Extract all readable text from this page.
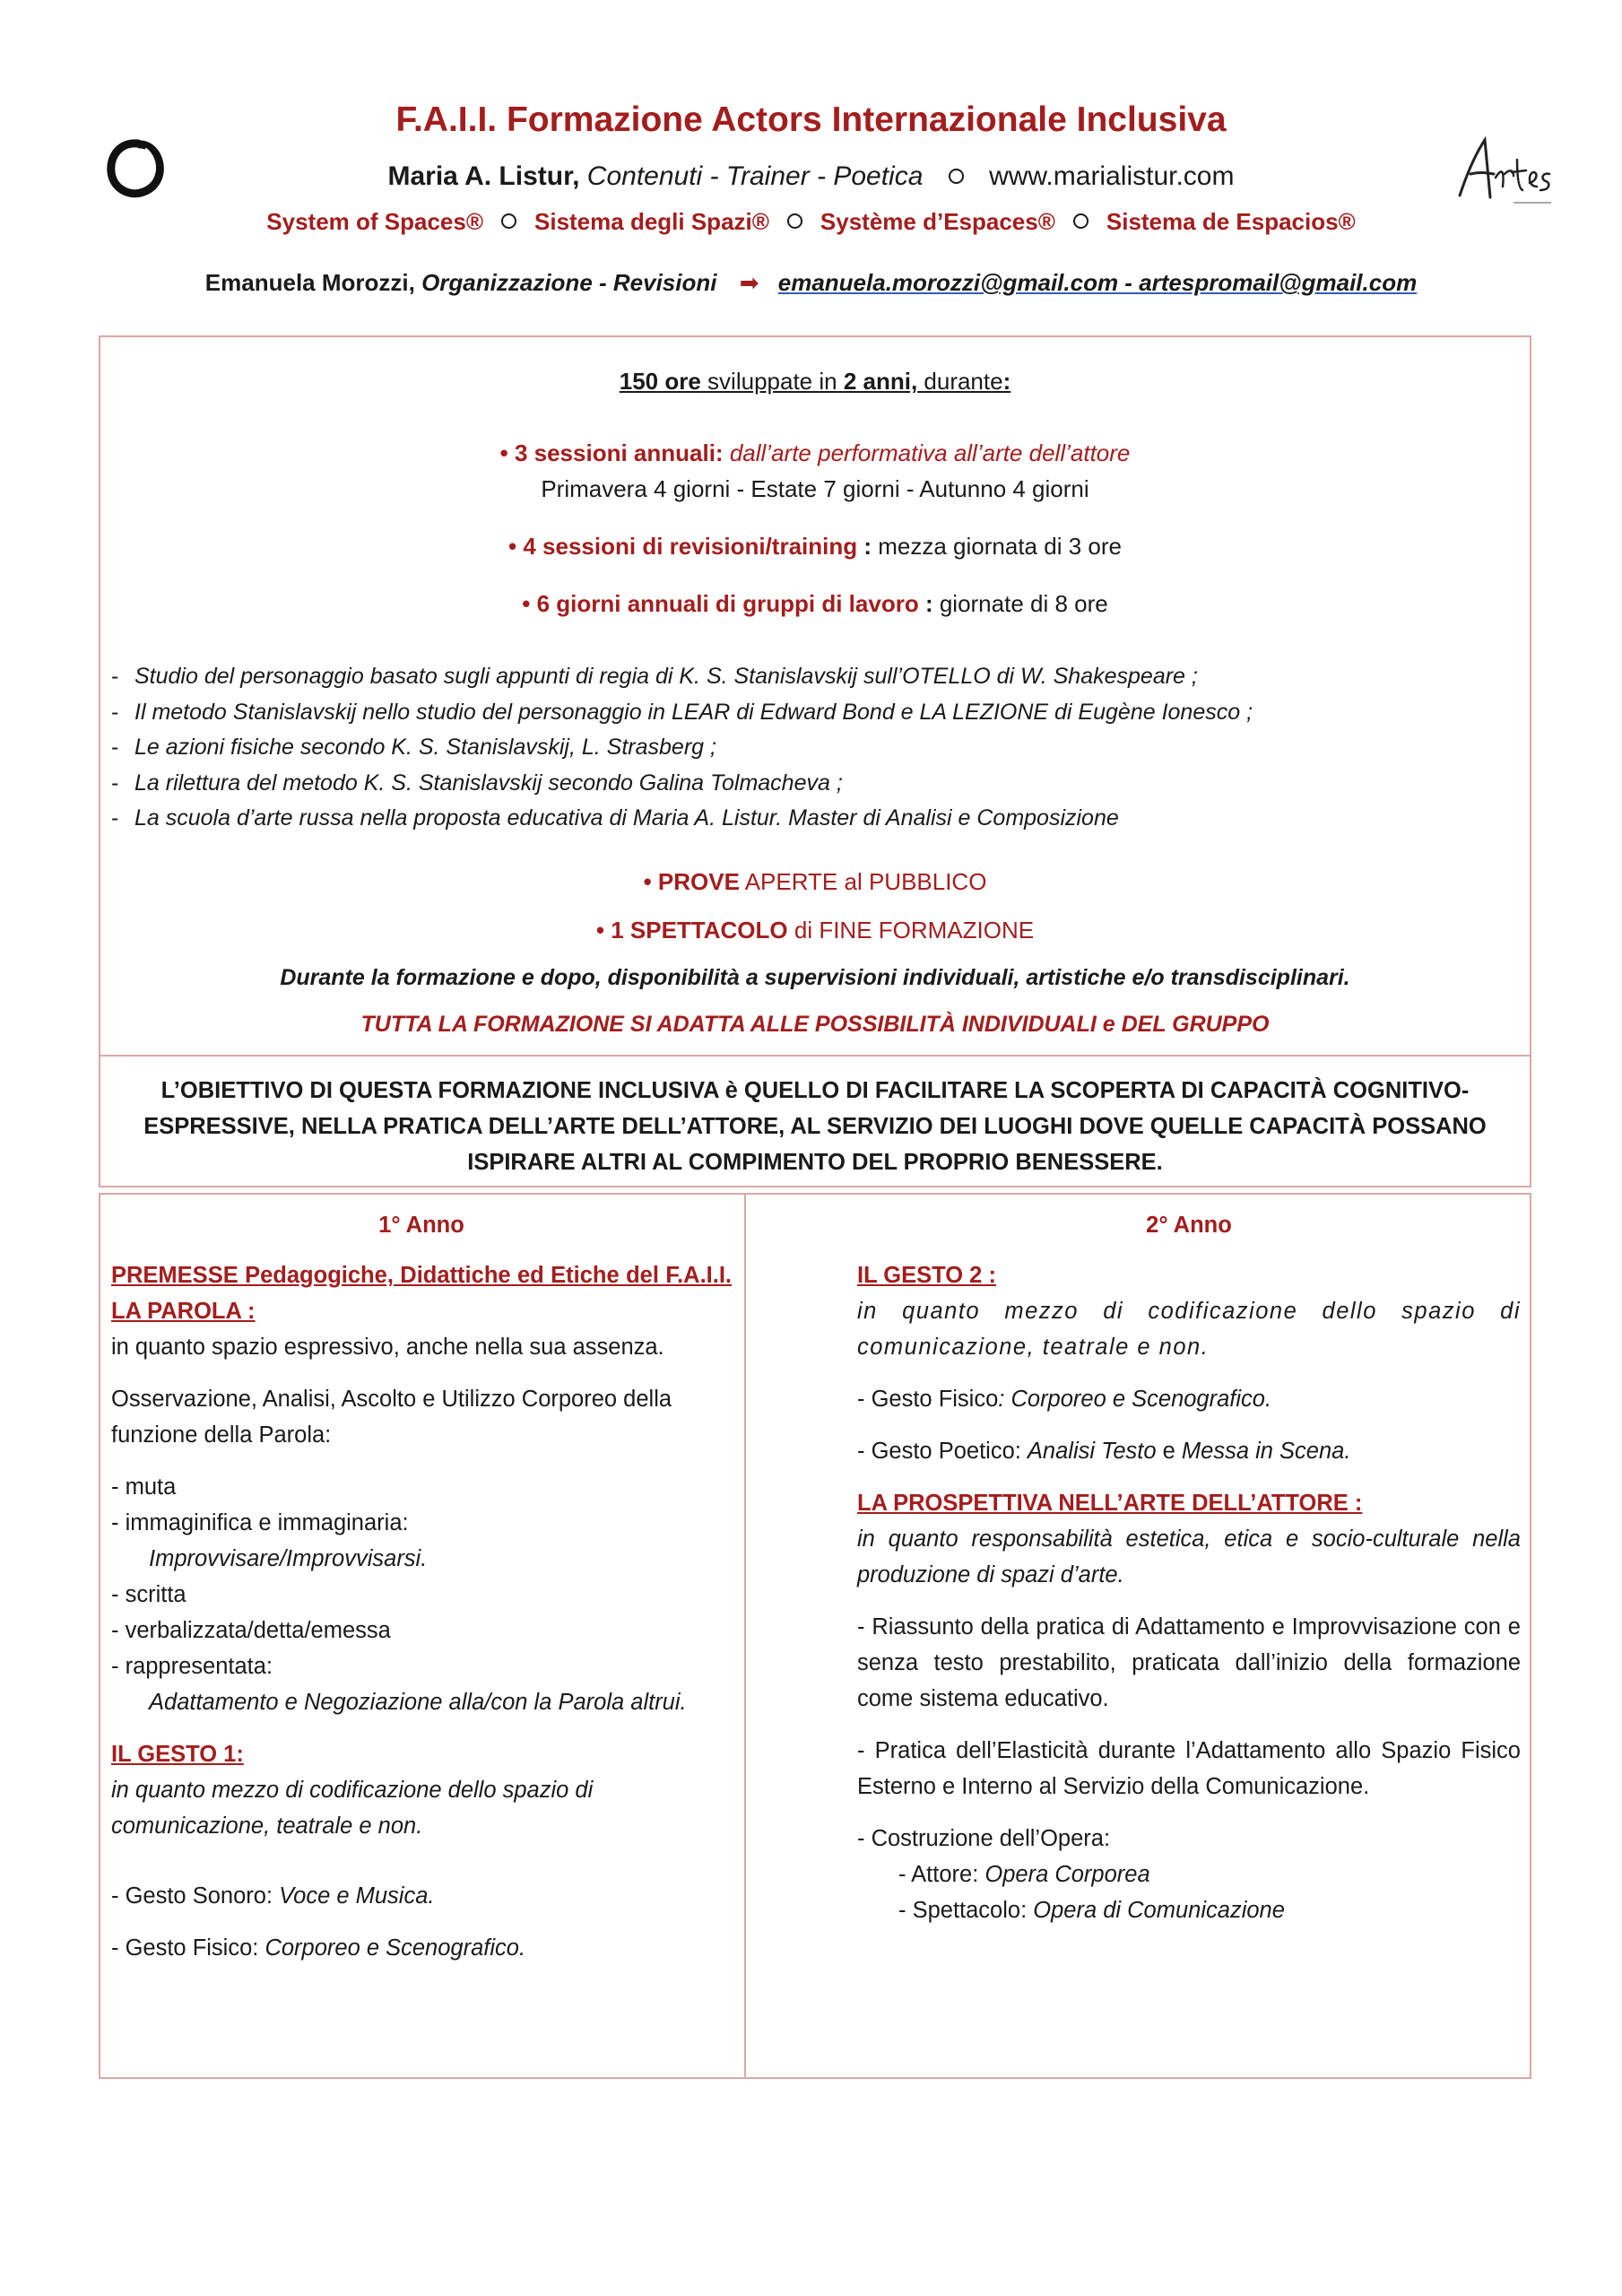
F.A.I.I. Formazione Actors Internazionale Inclusiva
Maria A. Listur, Contenuti - Trainer - Poetica www.marialistur.com
System of Spaces® Sistema degli Spazi® Système d’Espaces® Sistema de Espacios®
Emanuela Morozzi, Organizzazione - Revisioni ➡ emanuela.morozzi@gmail.com - artespromail@gmail.com
150 ore sviluppate in 2 anni, durante:
• 3 sessioni annuali: dall’arte performativa all’arte dell’attore
Primavera 4 giorni - Estate 7 giorni - Autunno 4 giorni
• 4 sessioni di revisioni/training : mezza giornata di 3 ore
• 6 giorni annuali di gruppi di lavoro : giornate di 8 ore
- Studio del personaggio basato sugli appunti di regia di K. S. Stanislavskij sull’OTELLO di W. Shakespeare ;
- Il metodo Stanislavskij nello studio del personaggio in LEAR di Edward Bond e LA LEZIONE di Eugène Ionesco ;
- Le azioni fisiche secondo K. S. Stanislavskij, L. Strasberg ;
- La rilettura del metodo K. S. Stanislavskij secondo Galina Tolmacheva ;
- La scuola d’arte russa nella proposta educativa di Maria A. Listur. Master di Analisi e Composizione
• PROVE APERTE al PUBBLICO
• 1 SPETTACOLO di FINE FORMAZIONE
Durante la formazione e dopo, disponibilità a supervisioni individuali, artistiche e/o transdisciplinari.
TUTTA LA FORMAZIONE SI ADATTA ALLE POSSIBILITÀ INDIVIDUALI e DEL GRUPPO
L’OBIETTIVO DI QUESTA FORMAZIONE INCLUSIVA è QUELLO DI FACILITARE LA SCOPERTA DI CAPACITÀ COGNITIVO-ESPRESSIVE, NELLA PRATICA DELL’ARTE DELL’ATTORE, AL SERVIZIO DEI LUOGHI DOVE QUELLE CAPACITÀ POSSANO ISPIRARE ALTRI AL COMPIMENTO DEL PROPRIO BENESSERE.
1° Anno
PREMESSE Pedagogiche, Didattiche ed Etiche del F.A.I.I. LA PAROLA :
in quanto spazio espressivo, anche nella sua assenza.
Osservazione, Analisi, Ascolto e Utilizzo Corporeo della funzione della Parola:
- muta
- immaginifica e immaginaria:
Improvvisare/Improvvisarsi.
- scritta
- verbalizzata/detta/emessa
- rappresentata:
Adattamento e Negoziazione alla/con la Parola altrui.
IL GESTO 1:
in quanto mezzo di codificazione dello spazio di comunicazione, teatrale e non.
- Gesto Sonoro: Voce e Musica.
- Gesto Fisico: Corporeo e Scenografico.
2° Anno
IL GESTO 2 :
in quanto mezzo di codificazione dello spazio di comunicazione, teatrale e non.
- Gesto Fisico: Corporeo e Scenografico.
- Gesto Poetico: Analisi Testo e Messa in Scena.
LA PROSPETTIVA NELL’ARTE DELL’ATTORE :
in quanto responsabilità estetica, etica e socio-culturale nella produzione di spazi d’arte.
- Riassunto della pratica di Adattamento e Improvvisazione con e senza testo prestabilito, praticata dall’inizio della formazione come sistema educativo.
- Pratica dell’Elasticità durante l’Adattamento allo Spazio Fisico Esterno e Interno al Servizio della Comunicazione.
- Costruzione dell’Opera:
- Attore: Opera Corporea
- Spettacolo: Opera di Comunicazione
